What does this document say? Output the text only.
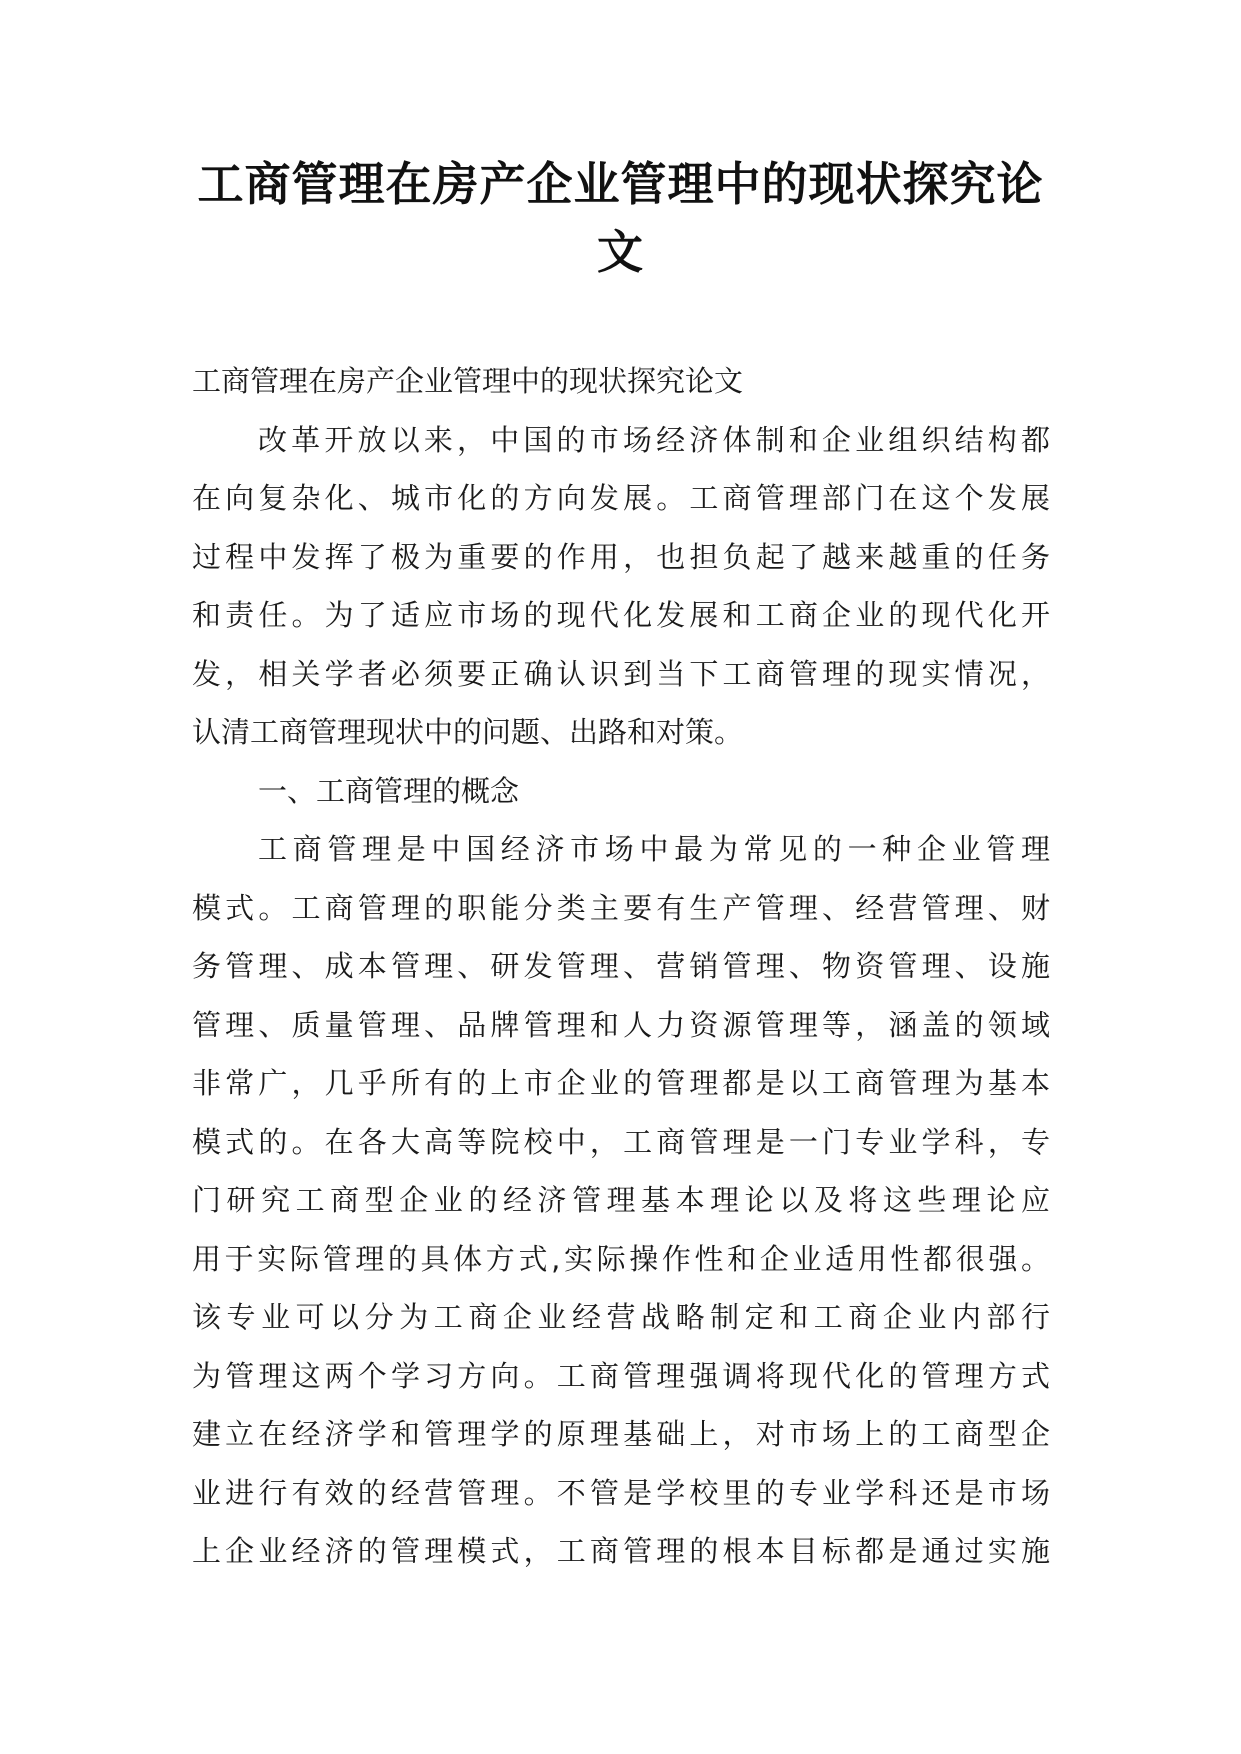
工商管理在房产企业管理中的现状探究论
文
工商管理在房产企业管理中的现状探究论文
改革开放以来，中国的市场经济体制和企业组织结构都
在向复杂化、城市化的方向发展。工商管理部门在这个发展
过程中发挥了极为重要的作用，也担负起了越来越重的任务
和责任。为了适应市场的现代化发展和工商企业的现代化开
发，相关学者必须要正确认识到当下工商管理的现实情况，
认清工商管理现状中的问题、出路和对策。
一、工商管理的概念
工商管理是中国经济市场中最为常见的一种企业管理
模式。工商管理的职能分类主要有生产管理、经营管理、财
务管理、成本管理、研发管理、营销管理、物资管理、设施
管理、质量管理、品牌管理和人力资源管理等，涵盖的领域
非常广，几乎所有的上市企业的管理都是以工商管理为基本
模式的。在各大高等院校中，工商管理是一门专业学科，专
门研究工商型企业的经济管理基本理论以及将这些理论应
用于实际管理的具体方式,实际操作性和企业适用性都很强。
该专业可以分为工商企业经营战略制定和工商企业内部行
为管理这两个学习方向。工商管理强调将现代化的管理方式
建立在经济学和管理学的原理基础上，对市场上的工商型企
业进行有效的经营管理。不管是学校里的专业学科还是市场
上企业经济的管理模式，工商管理的根本目标都是通过实施
